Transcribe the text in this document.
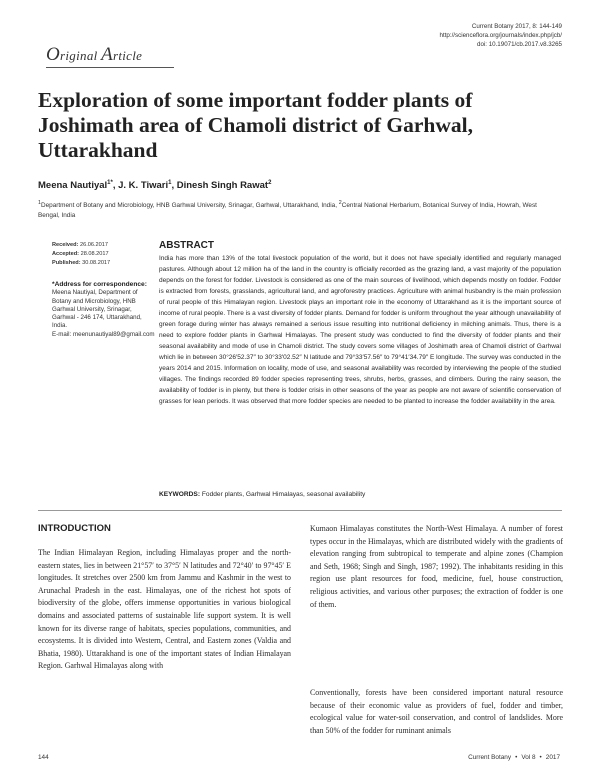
Current Botany 2017, 8: 144-149
http://scienceflora.org/journals/index.php/jcb/
doi: 10.19071/cb.2017.v8.3265
Original Article
Exploration of some important fodder plants of Joshimath area of Chamoli district of Garhwal, Uttarakhand
Meena Nautiyal$^{1*}$, J. K. Tiwari$^1$, Dinesh Singh Rawat$^2$
$^1$Department of Botany and Microbiology, HNB Garhwal University, Srinagar, Garhwal, Uttarakhand, India, $^2$Central National Herbarium, Botanical Survey of India, Howrah, West Bengal, India
Received: 26.06.2017
Accepted: 28.08.2017
Published: 30.08.2017
*Address for correspondence:
Meena Nautiyal, Department of Botany and Microbiology, HNB Garhwal University, Srinagar, Garhwal - 246 174, Uttarakhand, India.
E-mail: meenunautiyal89@gmail.com
ABSTRACT

India has more than 13% of the total livestock population of the world, but it does not have specially identified and regularly managed pastures. Although about 12 million ha of the land in the country is officially recorded as the grazing land, a vast majority of the population depends on the forest for fodder. Livestock is considered as one of the main sources of livelihood, which depends mostly on fodder. Fodder is extracted from forests, grasslands, agricultural land, and agroforestry practices. Agriculture with animal husbandry is the main profession of rural people of this Himalayan region. Livestock plays an important role in the economy of Uttarakhand as it is the important source of income of rural people. There is a vast diversity of fodder plants. Demand for fodder is uniform throughout the year although unavailability of green forage during winter has always remained a serious issue resulting into nutritional deficiency in milching animals. Thus, there is a need to explore fodder plants in Garhwal Himalayas. The present study was conducted to find the diversity of fodder plants and their seasonal availability and mode of use in Chamoli district. The study covers some villages of Joshimath area of Chamoli district of Garhwal which lie in between 30°26′52.37″ to 30°33′02.52″ N latitude and 79°33′57.56″ to 79°41′34.79″ E longitude. The survey was conducted in the years 2014 and 2015. Information on locality, mode of use, and seasonal availability was recorded by interviewing the people of the studied villages. The findings recorded 89 fodder species representing trees, shrubs, herbs, grasses, and climbers. During the rainy season, the availability of fodder is in plenty, but there is fodder crisis in other seasons of the year as people are not aware of scientific conservation of grasses for lean periods. It was observed that more fodder species are needed to be planted to increase the fodder availability in the area.

KEYWORDS: Fodder plants, Garhwal Himalayas, seasonal availability
INTRODUCTION

The Indian Himalayan Region, including Himalayas proper and the north-eastern states, lies in between 21°57′ to 37°5′ N latitudes and 72°40′ to 97°45′ E longitudes. It stretches over 2500 km from Jammu and Kashmir in the west to Arunachal Pradesh in the east. Himalayas, one of the richest hot spots of biodiversity of the globe, offers immense opportunities in various biological domains and associated patterns of sustainable life support system. It is well known for its diverse range of habitats, species populations, communities, and ecosystems. It is divided into Western, Central, and Eastern zones (Valdia and Bhatia, 1980). Uttarakhand is one of the important states of Indian Himalayan Region. Garhwal Himalayas along with

Kumaon Himalayas constitutes the North-West Himalaya. A number of forest types occur in the Himalayas, which are distributed widely with the gradients of elevation ranging from subtropical to temperate and alpine zones (Champion and Seth, 1968; Singh and Singh, 1987; 1992). The inhabitants residing in this region use plant resources for food, medicine, fuel, house construction, religious activities, and various other purposes; the extraction of fodder is one of them.

Conventionally, forests have been considered important natural resource because of their economic value as providers of fuel, fodder and timber, ecological value for water-soil conservation, and control of landslides. More than 50% of the fodder for ruminant animals

144	Current Botany • Vol 8 • 2017
